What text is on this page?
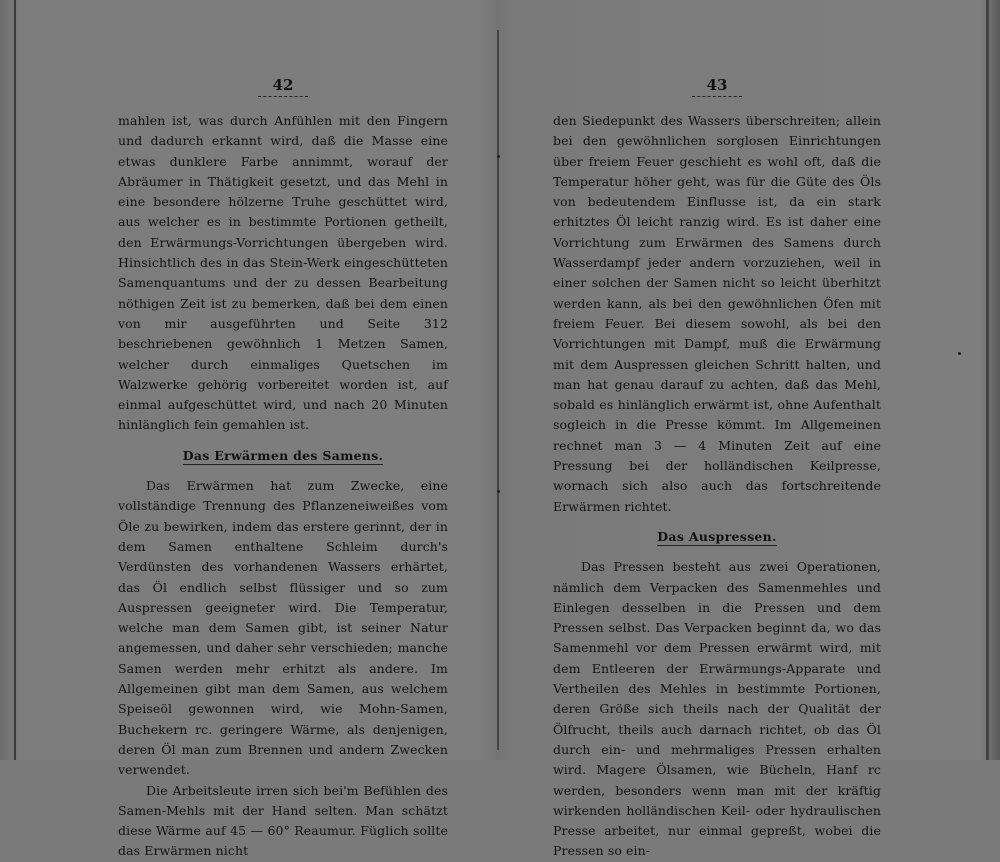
42

mahlen ist, was durch Anfühlen mit den Fingern und dadurch erkannt wird, daß die Masse eine etwas dunklere Farbe annimmt, worauf der Abräumer in Thätigkeit gesetzt, und das Mehl in eine besondere hölzerne Truhe geschüttet wird, aus welcher es in bestimmte Portionen getheilt, den Erwärmungs-Vorrichtungen übergeben wird. Hinsichtlich des in das Stein-Werk eingeschütteten Samenquantums und der zu dessen Bearbeitung nöthigen Zeit ist zu bemerken, daß bei dem einen von mir ausgeführten und Seite 312 beschriebenen gewöhnlich 1 Metzen Samen, welcher durch einmaliges Quetschen im Walzwerke gehörig vorbereitet worden ist, auf einmal aufgeschüttet wird, und nach 20 Minuten hinlänglich fein gemahlen ist.

Das Erwärmen des Samens.

Das Erwärmen hat zum Zwecke, eine vollständige Trennung des Pflanzeneiweißes vom Öle zu bewirken, indem das erstere gerinnt, der in dem Samen enthaltene Schleim durch's Verdünsten des vorhandenen Wassers erhärtet, das Öl endlich selbst flüssiger und so zum Auspressen geeigneter wird. Die Temperatur, welche man dem Samen gibt, ist seiner Natur angemessen, und daher sehr verschieden; manche Samen werden mehr erhitzt als andere. Im Allgemeinen gibt man dem Samen, aus welchem Speiseöl gewonnen wird, wie Mohn-Samen, Buchekern rc. geringere Wärme, als denjenigen, deren Öl man zum Brennen und andern Zwecken verwendet.

Die Arbeitsleute irren sich bei'm Befühlen des Samen-Mehls mit der Hand selten. Man schätzt diese Wärme auf 45 — 60° Reaumur. Füglich sollte das Erwärmen nicht

43

den Siedepunkt des Wassers überschreiten; allein bei den gewöhnlichen sorglosen Einrichtungen über freiem Feuer geschieht es wohl oft, daß die Temperatur höher geht, was für die Güte des Öls von bedeutendem Einflusse ist, da ein stark erhitztes Öl leicht ranzig wird. Es ist daher eine Vorrichtung zum Erwärmen des Samens durch Wasserdampf jeder andern vorzuziehen, weil in einer solchen der Samen nicht so leicht überhitzt werden kann, als bei den gewöhnlichen Öfen mit freiem Feuer. Bei diesem sowohl, als bei den Vorrichtungen mit Dampf, muß die Erwärmung mit dem Auspressen gleichen Schritt halten, und man hat genau darauf zu achten, daß das Mehl, sobald es hinlänglich erwärmt ist, ohne Aufenthalt sogleich in die Presse kömmt. Im Allgemeinen rechnet man 3 — 4 Minuten Zeit auf eine Pressung bei der holländischen Keilpresse, wornach sich also auch das fortschreitende Erwärmen richtet.

Das Auspressen.

Das Pressen besteht aus zwei Operationen, nämlich dem Verpacken des Samenmehles und Einlegen desselben in die Pressen und dem Pressen selbst. Das Verpacken beginnt da, wo das Samenmehl vor dem Pressen erwärmt wird, mit dem Entleeren der Erwärmungs-Apparate und Vertheilen des Mehles in bestimmte Portionen, deren Größe sich theils nach der Qualität der Ölfrucht, theils auch darnach richtet, ob das Öl durch ein- und mehrmaliges Pressen erhalten wird. Magere Ölsamen, wie Bücheln, Hanf rc werden, besonders wenn man mit der kräftig wirkenden holländischen Keil- oder hydraulischen Presse arbeitet, nur einmal gepreßt, wobei die Pressen so ein-
